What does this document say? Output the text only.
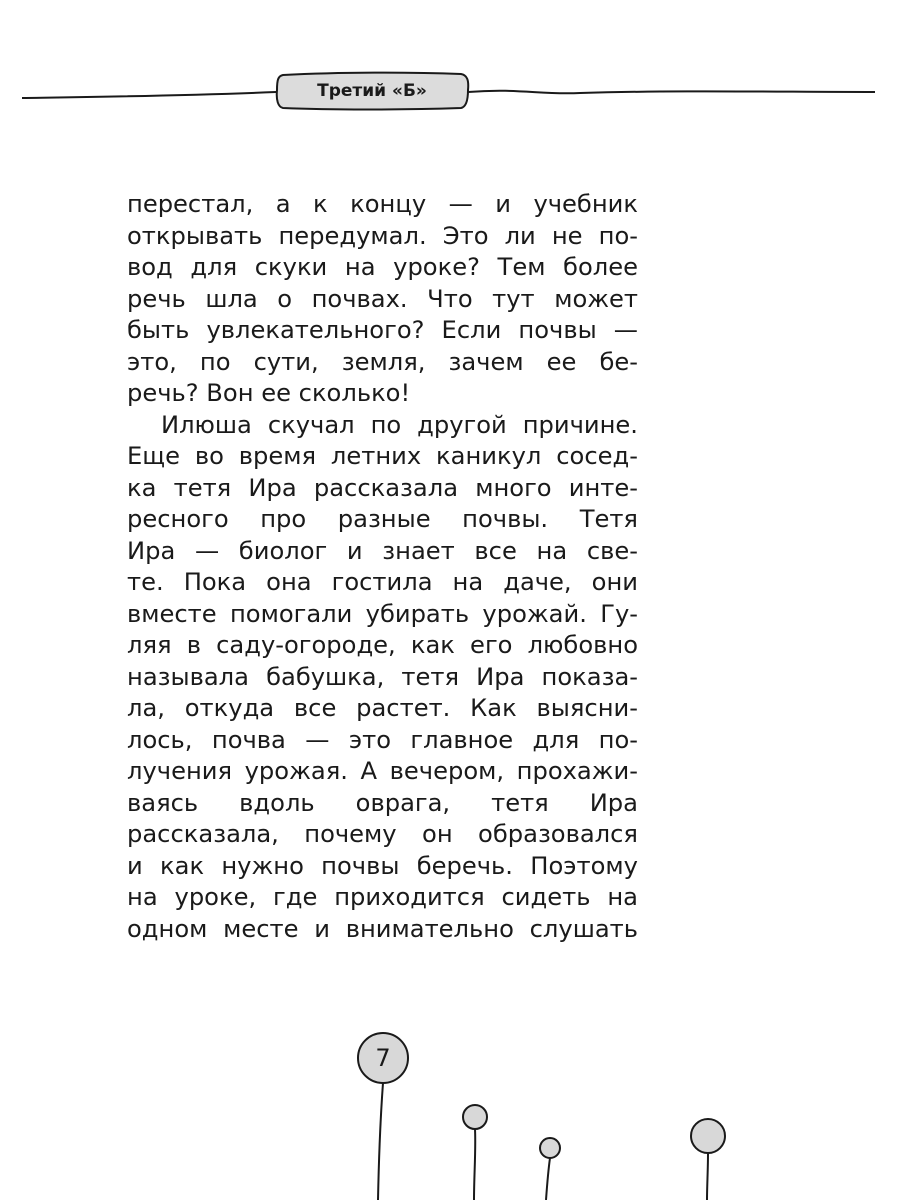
Третий «Б»
перестал, а к концу — и учебник
открывать передумал. Это ли не по-
вод для скуки на уроке? Тем более
речь шла о почвах. Что тут может
быть увлекательного? Если почвы —
это, по сути, земля, зачем ее бе-
речь? Вон ее сколько!
Илюша скучал по другой причине.
Еще во время летних каникул сосед-
ка тетя Ира рассказала много инте-
ресного про разные почвы. Тетя
Ира — биолог и знает все на све-
те. Пока она гостила на даче, они
вместе помогали убирать урожай. Гу-
ляя в саду-огороде, как его любовно
называла бабушка, тетя Ира показа-
ла, откуда все растет. Как выясни-
лось, почва — это главное для по-
лучения урожая. А вечером, прохажи-
ваясь вдоль оврага, тетя Ира
рассказала, почему он образовался
и как нужно почвы беречь. Поэтому
на уроке, где приходится сидеть на
одном месте и внимательно слушать
7
